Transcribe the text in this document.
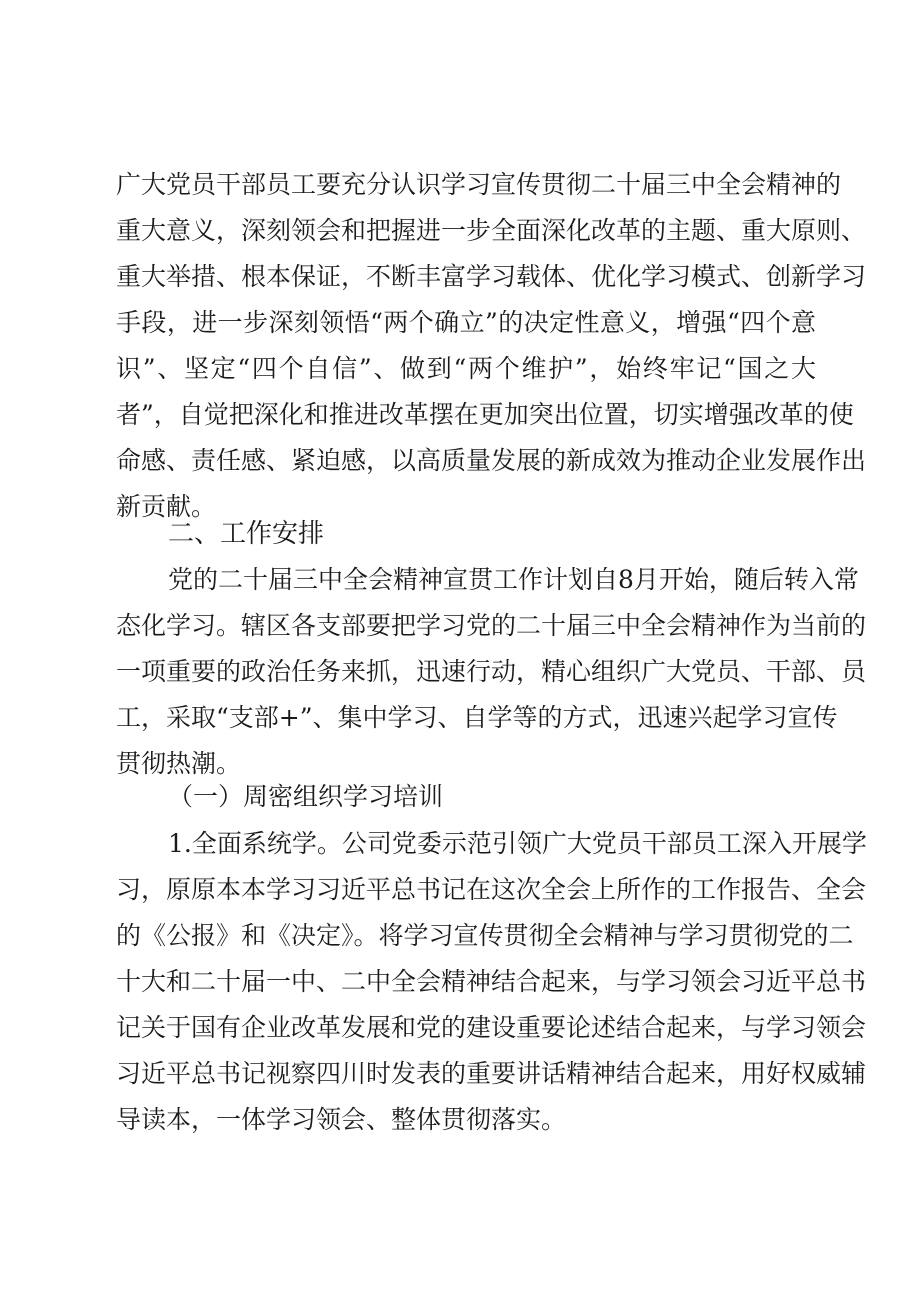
广大党员干部员工要充分认识学习宣传贯彻二十届三中全会精神的
重大意义，深刻领会和把握进一步全面深化改革的主题、重大原则、
重大举措、根本保证，不断丰富学习载体、优化学习模式、创新学习
手段，进一步深刻领悟“两个确立”的决定性意义，增强“四个意
识”、坚定“四个自信”、做到“两个维护”，始终牢记“国之大
者”，自觉把深化和推进改革摆在更加突出位置，切实增强改革的使
命感、责任感、紧迫感，以高质量发展的新成效为推动企业发展作出
新贡献。
二、工作安排
党的二十届三中全会精神宣贯工作计划自8月开始，随后转入常
态化学习。辖区各支部要把学习党的二十届三中全会精神作为当前的
一项重要的政治任务来抓，迅速行动，精心组织广大党员、干部、员
工，采取“支部+”、集中学习、自学等的方式，迅速兴起学习宣传
贯彻热潮。
（一）周密组织学习培训
1.全面系统学。公司党委示范引领广大党员干部员工深入开展学
习，原原本本学习习近平总书记在这次全会上所作的工作报告、全会
的《公报》和《决定》。将学习宣传贯彻全会精神与学习贯彻党的二
十大和二十届一中、二中全会精神结合起来，与学习领会习近平总书
记关于国有企业改革发展和党的建设重要论述结合起来，与学习领会
习近平总书记视察四川时发表的重要讲话精神结合起来，用好权威辅
导读本，一体学习领会、整体贯彻落实。
